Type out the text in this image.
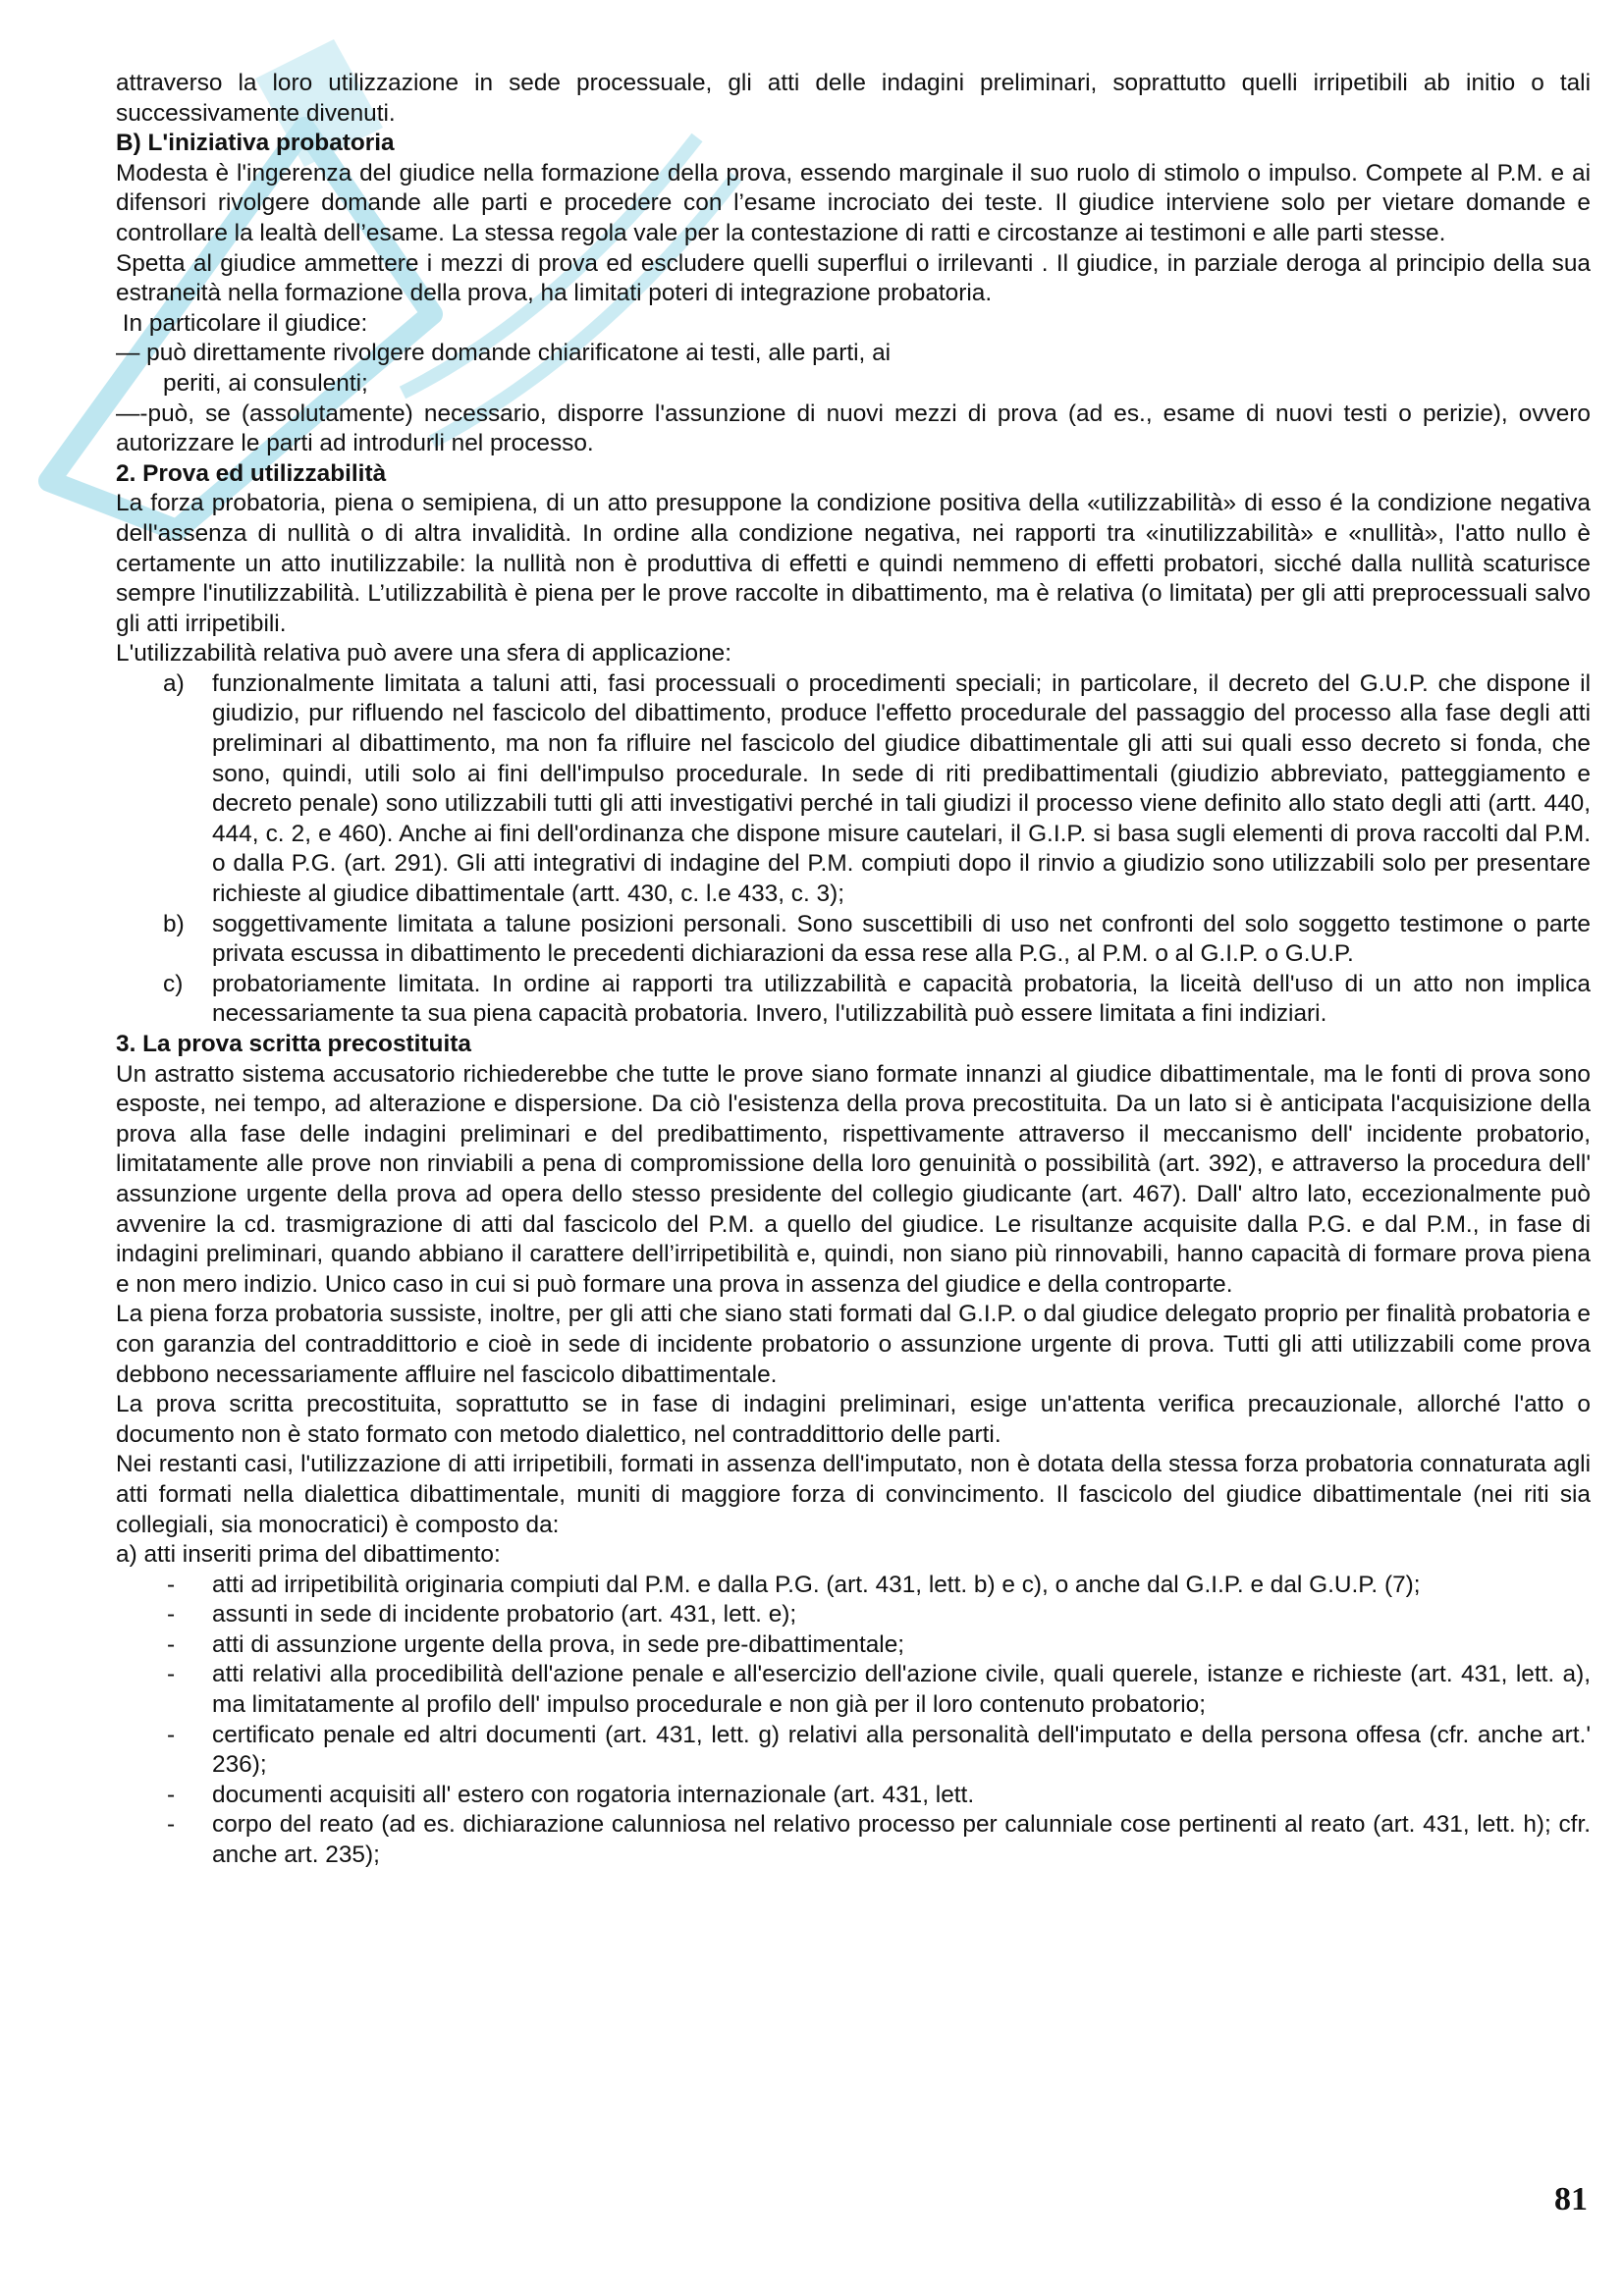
attraverso la loro utilizzazione in sede processuale, gli atti delle indagini preliminari, soprattutto quelli irripetibili ab initio o tali successivamente divenuti.

B) L'iniziativa probatoria

Modesta è l'ingerenza del giudice nella formazione della prova, essendo marginale il suo ruolo di stimolo o impulso. Compete al P.M. e ai difensori rivolgere domande alle parti e procedere con l’esame incrociato dei teste. Il giudice interviene solo per vietare domande e controllare la lealtà dell’esame. La stessa regola vale per la contestazione di ratti e circostanze ai testimoni e alle parti stesse.

Spetta al giudice ammettere i mezzi di prova ed escludere quelli superflui o irrilevanti . Il giudice, in parziale deroga al principio della sua estraneità nella formazione della prova, ha limitati poteri di integrazione probatoria.

In particolare il giudice:

— può direttamente rivolgere domande chiarificatone ai testi, alle parti, ai

periti, ai consulenti;

—-può, se (assolutamente) necessario, disporre l'assunzione di nuovi mezzi di prova (ad es., esame di nuovi testi o perizie), ovvero autorizzare le parti ad introdurli nel processo.

2. Prova ed utilizzabilità

La forza probatoria, piena o semipiena, di un atto presuppone la condizione positiva della «utilizzabilità» di esso é la condizione negativa dell'assenza di nullità o di altra invalidità. In ordine alla condizione negativa, nei rapporti tra «inutilizzabilità» e «nullità», l'atto nullo è certamente un atto inutilizzabile: la nullità non è produttiva di effetti e quindi nemmeno di effetti probatori, sicché dalla nullità scaturisce sempre l'inutilizzabilità. L’utilizzabilità è piena per le prove raccolte in dibattimento, ma è relativa (o limitata) per gli atti preprocessuali salvo gli atti irripetibili.

L'utilizzabilità relativa può avere una sfera di applicazione:

a)	funzionalmente limitata a taluni atti, fasi processuali o procedimenti speciali; in particolare, il decreto del G.U.P. che dispone il giudizio, pur rifluendo nel fascicolo del dibattimento, produce l'effetto procedurale del passaggio del processo alla fase degli atti preliminari al dibattimento, ma non fa rifluire nel fascicolo del giudice dibattimentale gli atti sui quali esso decreto si fonda, che sono, quindi, utili solo ai fini dell'impulso procedurale. In sede di riti predibattimentali (giudizio abbreviato, patteggiamento e decreto penale) sono utilizzabili tutti gli atti investigativi perché in tali giudizi il processo viene definito allo stato degli atti (artt. 440, 444, c. 2, e 460). Anche ai fini dell'ordinanza che dispone misure cautelari, il G.I.P. si basa sugli elementi di prova raccolti dal P.M. o dalla P.G. (art. 291). Gli atti integrativi di indagine del P.M. compiuti dopo il rinvio a giudizio sono utilizzabili solo per presentare richieste al giudice dibattimentale (artt. 430, c. l.e 433, c. 3);
b)	soggettivamente limitata a talune posizioni personali. Sono suscettibili di uso net confronti del solo soggetto testimone o parte privata escussa in dibattimento le precedenti dichiarazioni da essa rese alla P.G., al P.M. o al G.I.P. o G.U.P.
c)	probatoriamente limitata. In ordine ai rapporti tra utilizzabilità e capacità probatoria, la liceità dell'uso di un atto non implica necessariamente ta sua piena capacità probatoria. Invero, l'utilizzabilità può essere limitata a fini indiziari.

3. La prova scritta precostituita

Un astratto sistema accusatorio richiederebbe che tutte le prove siano formate innanzi al giudice dibattimentale, ma le fonti di prova sono esposte, nei tempo, ad alterazione e dispersione. Da ciò l'esistenza della prova precostituita. Da un lato si è anticipata l'acquisizione della prova alla fase delle indagini preliminari e del predibattimento, rispettivamente attraverso il meccanismo dell' incidente probatorio, limitatamente alle prove non rinviabili a pena di compromissione della loro genuinità o possibilità (art. 392), e attraverso la procedura dell' assunzione urgente della prova ad opera dello stesso presidente del collegio giudicante (art. 467). Dall' altro lato, eccezionalmente può avvenire la cd. trasmigrazione di atti dal fascicolo del P.M. a quello del giudice. Le risultanze acquisite dalla P.G. e dal P.M., in fase di indagini preliminari, quando abbiano il carattere dell’irripetibilità e, quindi, non siano più rinnovabili, hanno capacità di formare prova piena e non mero indizio. Unico caso in cui si può formare una prova in assenza del giudice e della controparte.

La piena forza probatoria sussiste, inoltre, per gli atti che siano stati formati dal G.I.P. o dal giudice delegato proprio per finalità probatoria e con garanzia del contraddittorio e cioè in sede di incidente probatorio o assunzione urgente di prova. Tutti gli atti utilizzabili come prova debbono necessariamente affluire nel fascicolo dibattimentale.

La prova scritta precostituita, soprattutto se in fase di indagini preliminari, esige un'attenta verifica precauzionale, allorché l'atto o documento non è stato formato con metodo dialettico, nel contraddittorio delle parti.

Nei restanti casi, l'utilizzazione di atti irripetibili, formati in assenza dell'imputato, non è dotata della stessa forza probatoria connaturata agli atti formati nella dialettica dibattimentale, muniti di maggiore forza di convincimento. Il fascicolo del giudice dibattimentale (nei riti sia collegiali, sia monocratici) è composto da:

a) atti inseriti prima del dibattimento:

-	atti ad irripetibilità originaria compiuti dal P.M. e dalla P.G. (art. 431, lett. b) e c), o anche dal G.I.P. e dal G.U.P. (7);
-	assunti in sede di incidente probatorio (art. 431, lett. e);
-	atti di assunzione urgente della prova, in sede pre-dibattimentale;
-	atti relativi alla procedibilità dell'azione penale e all'esercizio dell'azione civile, quali querele, istanze e richieste (art. 431, lett. a), ma limitatamente al profilo dell' impulso procedurale e non già per il loro contenuto probatorio;
-	certificato penale ed altri documenti (art. 431, lett. g) relativi alla personalità dell'imputato e della persona offesa (cfr. anche art.' 236);
-	documenti acquisiti all' estero con rogatoria internazionale (art. 431, lett.
-	corpo del reato (ad es. dichiarazione calunniosa nel relativo processo per calunniale cose pertinenti al reato (art. 431, lett. h); cfr. anche art. 235);
81
